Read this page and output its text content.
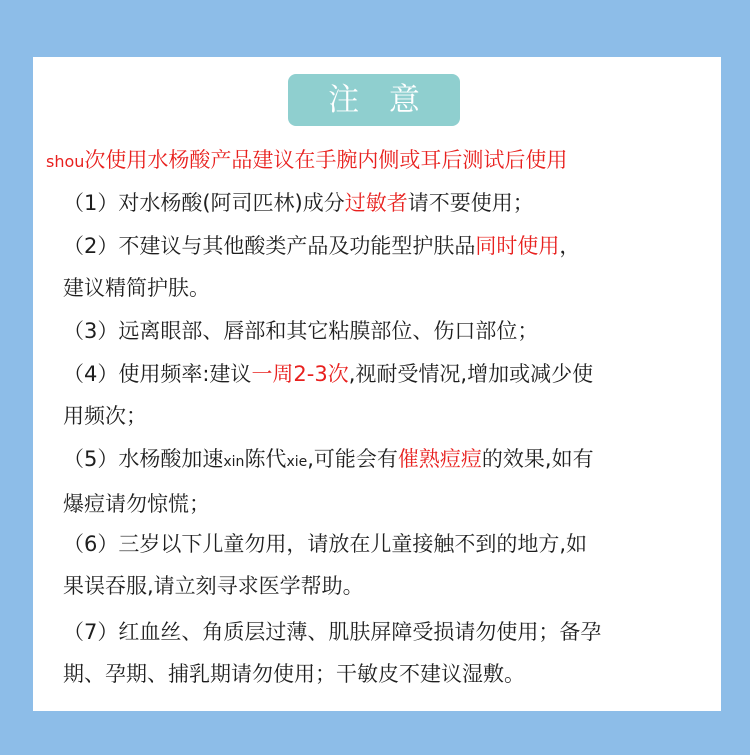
注 意
shou次使用水杨酸产品建议在手腕内侧或耳后测试后使用
（1）对水杨酸(阿司匹林)成分过敏者请不要使用；
（2）不建议与其他酸类产品及功能型护肤品同时使用，
建议精简护肤。
（3）远离眼部、唇部和其它粘膜部位、伤口部位；
（4）使用频率:建议一周2-3次,视耐受情况,增加或减少使
用频次；
（5）水杨酸加速xin陈代xie,可能会有催熟痘痘的效果,如有
爆痘请勿惊慌；
（6）三岁以下儿童勿用，请放在儿童接触不到的地方,如
果误吞服,请立刻寻求医学帮助。
（7）红血丝、角质层过薄、肌肤屏障受损请勿使用；备孕
期、孕期、捕乳期请勿使用；干敏皮不建议湿敷。
